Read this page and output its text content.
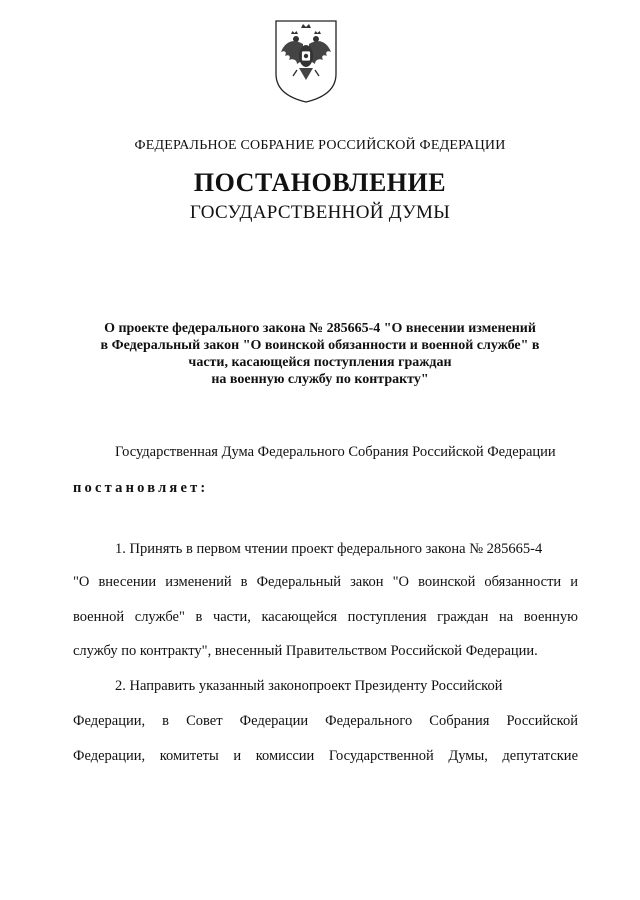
ФЕДЕРАЛЬНОЕ СОБРАНИЕ РОССИЙСКОЙ ФЕДЕРАЦИИ
ПОСТАНОВЛЕНИЕ
ГОСУДАРСТВЕННОЙ ДУМЫ
О проекте федерального закона № 285665-4 "О внесении изменений
в Федеральный закон "О воинской обязанности и военной службе" в
части, касающейся поступления граждан
на военную службу по контракту"
Государственная Дума Федерального Собрания Российской Федерации
постановляет:
1. Принять в первом чтении проект федерального закона № 285665-4
"О внесении изменений в Федеральный закон "О воинской обязанности и
военной службе" в части, касающейся поступления граждан на военную
службу по контракту", внесенный Правительством Российской Федерации.
2. Направить указанный законопроект Президенту Российской
Федерации, в Совет Федерации Федерального Собрания Российской
Федерации, комитеты и комиссии Государственной Думы, депутатские
